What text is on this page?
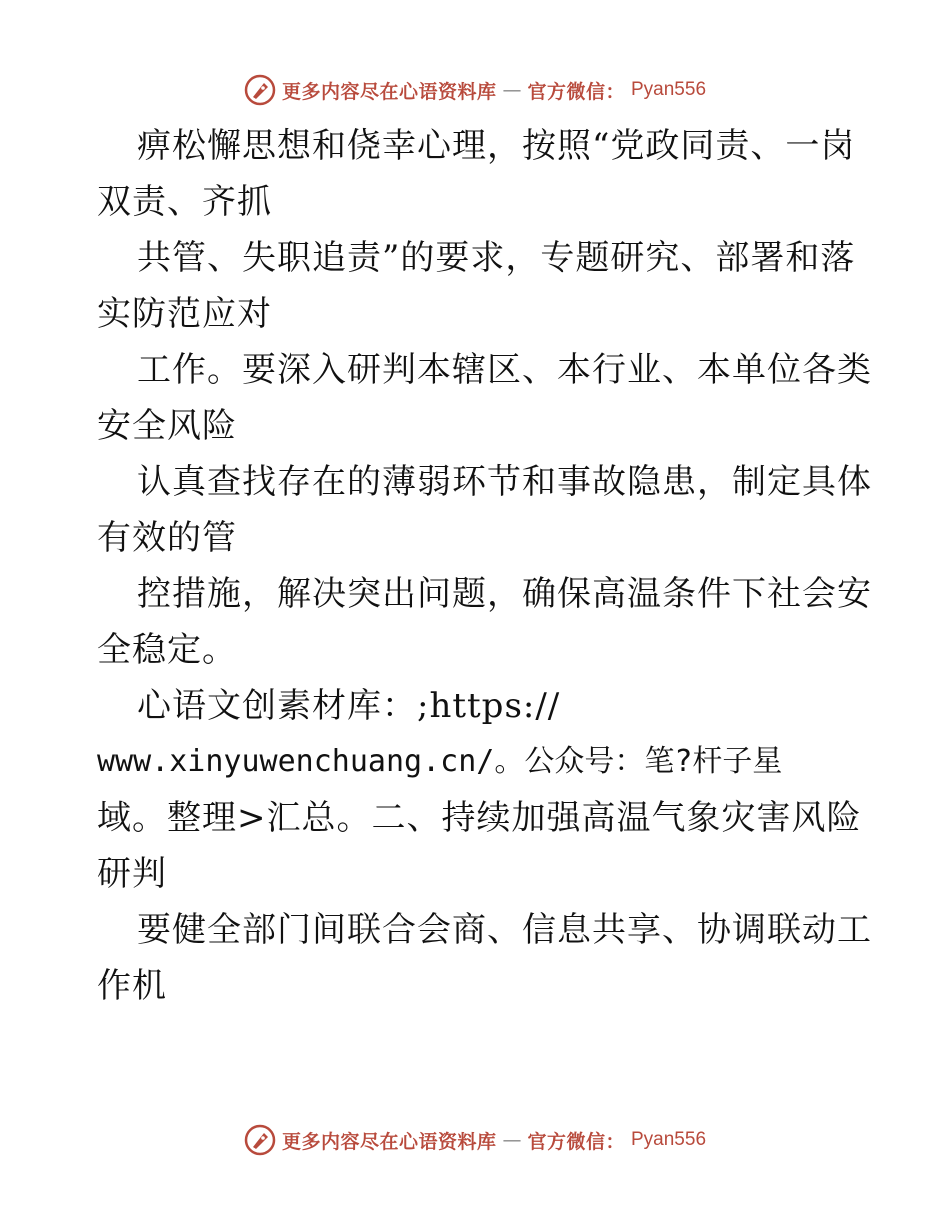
更多内容尽在心语资料库 — 官方微信： Pyan556
痹松懈思想和侥幸心理，按照“党政同责、一岗
双责、齐抓
共管、失职追责”的要求，专题研究、部署和落
实防范应对
工作。要深入研判本辖区、本行业、本单位各类
安全风险
认真查找存在的薄弱环节和事故隐患，制定具体
有效的管
控措施，解决突出问题，确保高温条件下社会安
全稳定。
心语文创素材库：;https://
www.xinyuwenchuang.cn/。公众号：笔?杆子星
域。整理>汇总。二、持续加强高温气象灾害风险
研判
要健全部门间联合会商、信息共享、协调联动工
作机
更多内容尽在心语资料库 — 官方微信： Pyan556
